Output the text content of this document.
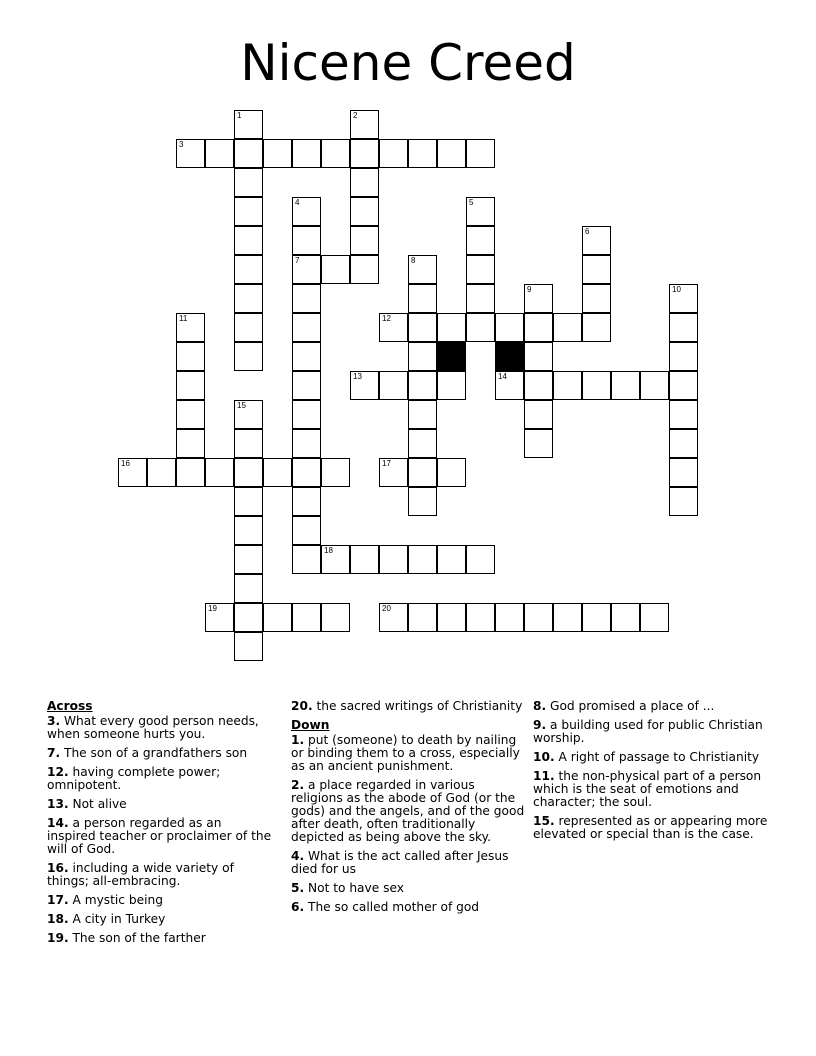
Nicene Creed
1	2
3
4
7
5
6
8
9	10
11	12
13	14
15
16	17
18
19	20
Across
3. What every good person needs, when someone hurts you.
7. The son of a grandfathers son
12. having complete power; omnipotent.
13. Not alive
14. a person regarded as an inspired teacher or proclaimer of the will of God.
16. including a wide variety of things; all-embracing.
17. A mystic being
18. A city in Turkey
19. The son of the farther
20. the sacred writings of Christianity
Down
1. put (someone) to death by nailing or binding them to a cross, especially as an ancient punishment.
2. a place regarded in various religions as the abode of God (or the gods) and the angels, and of the good after death, often traditionally depicted as being above the sky.
4. What is the act called after Jesus died for us
5. Not to have sex
6. The so called mother of god
8. God promised a place of ...
9. a building used for public Christian worship.
10. A right of passage to Christianity
11. the non-physical part of a person which is the seat of emotions and character; the soul.
15. represented as or appearing more elevated or special than is the case.
